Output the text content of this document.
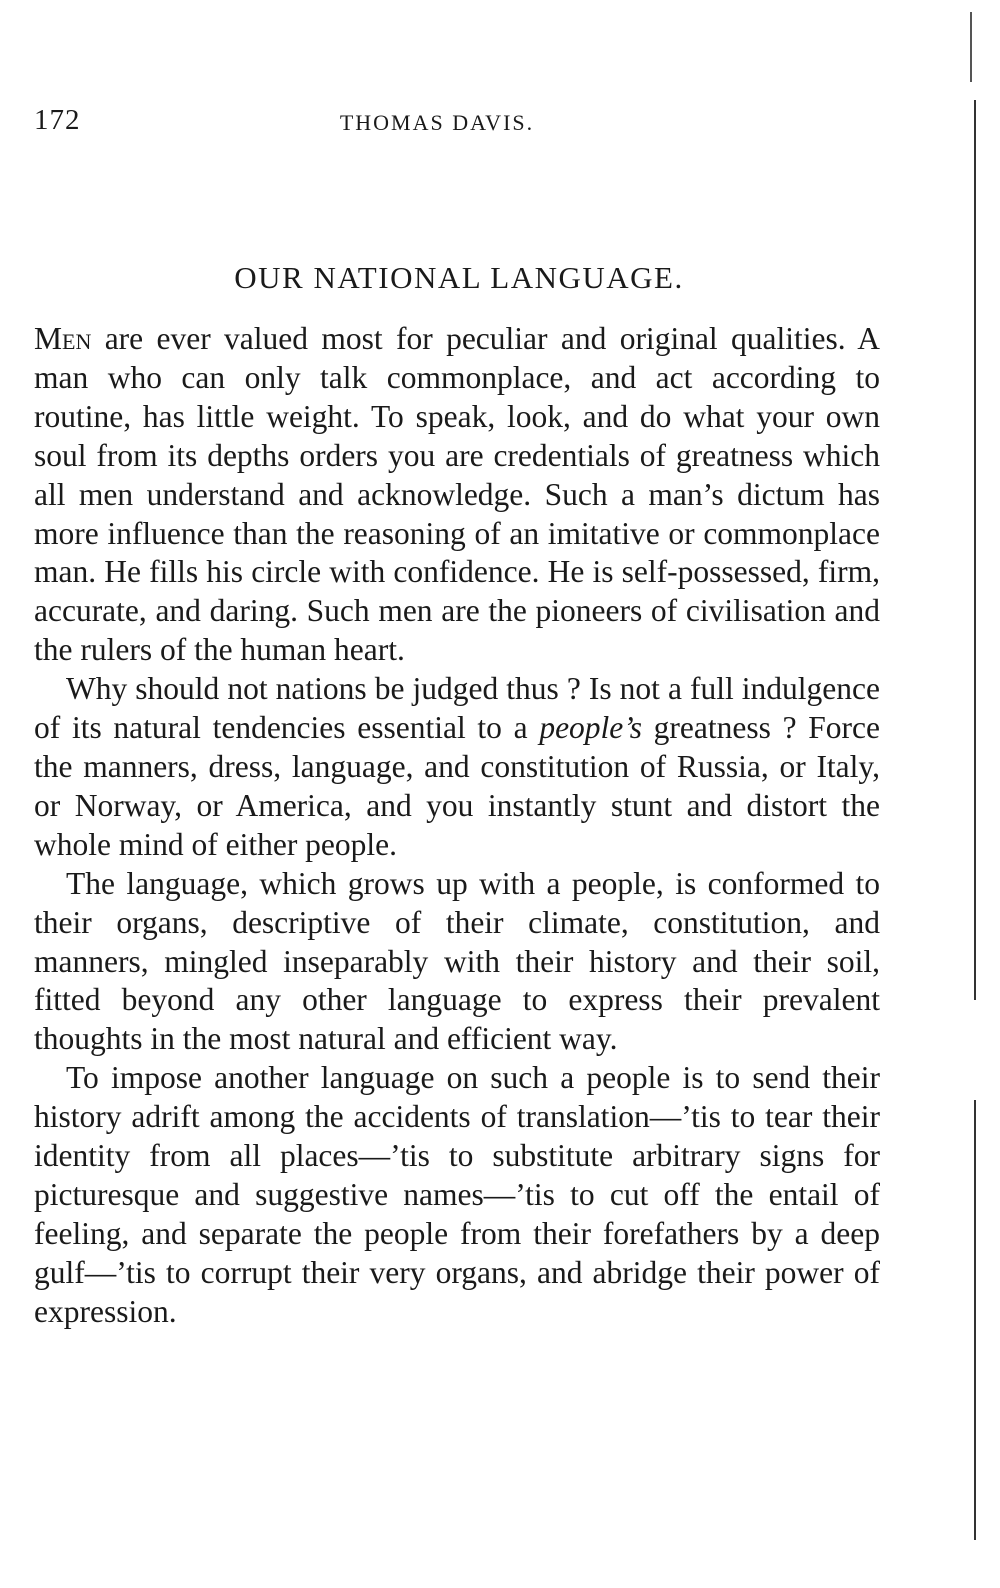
172	THOMAS DAVIS.
OUR NATIONAL LANGUAGE.

Men are ever valued most for peculiar and original qualities. A man who can only talk commonplace, and act according to routine, has little weight. To speak, look, and do what your own soul from its depths orders you are credentials of greatness which all men understand and acknowledge. Such a man’s dictum has more influence than the reasoning of an imitative or commonplace man. He fills his circle with confidence. He is self-possessed, firm, accurate, and daring. Such men are the pioneers of civilisation and the rulers of the human heart.

Why should not nations be judged thus ? Is not a full indulgence of its natural tendencies essential to a people’s greatness ? Force the manners, dress, language, and constitution of Russia, or Italy, or Norway, or America, and you instantly stunt and distort the whole mind of either people.

The language, which grows up with a people, is conformed to their organs, descriptive of their climate, constitution, and manners, mingled inseparably with their history and their soil, fitted beyond any other language to express their prevalent thoughts in the most natural and efficient way.

To impose another language on such a people is to send their history adrift among the accidents of translation—’tis to tear their identity from all places—’tis to substitute arbitrary signs for picturesque and suggestive names—’tis to cut off the entail of feeling, and separate the people from their forefathers by a deep gulf—’tis to corrupt their very organs, and abridge their power of expression.
